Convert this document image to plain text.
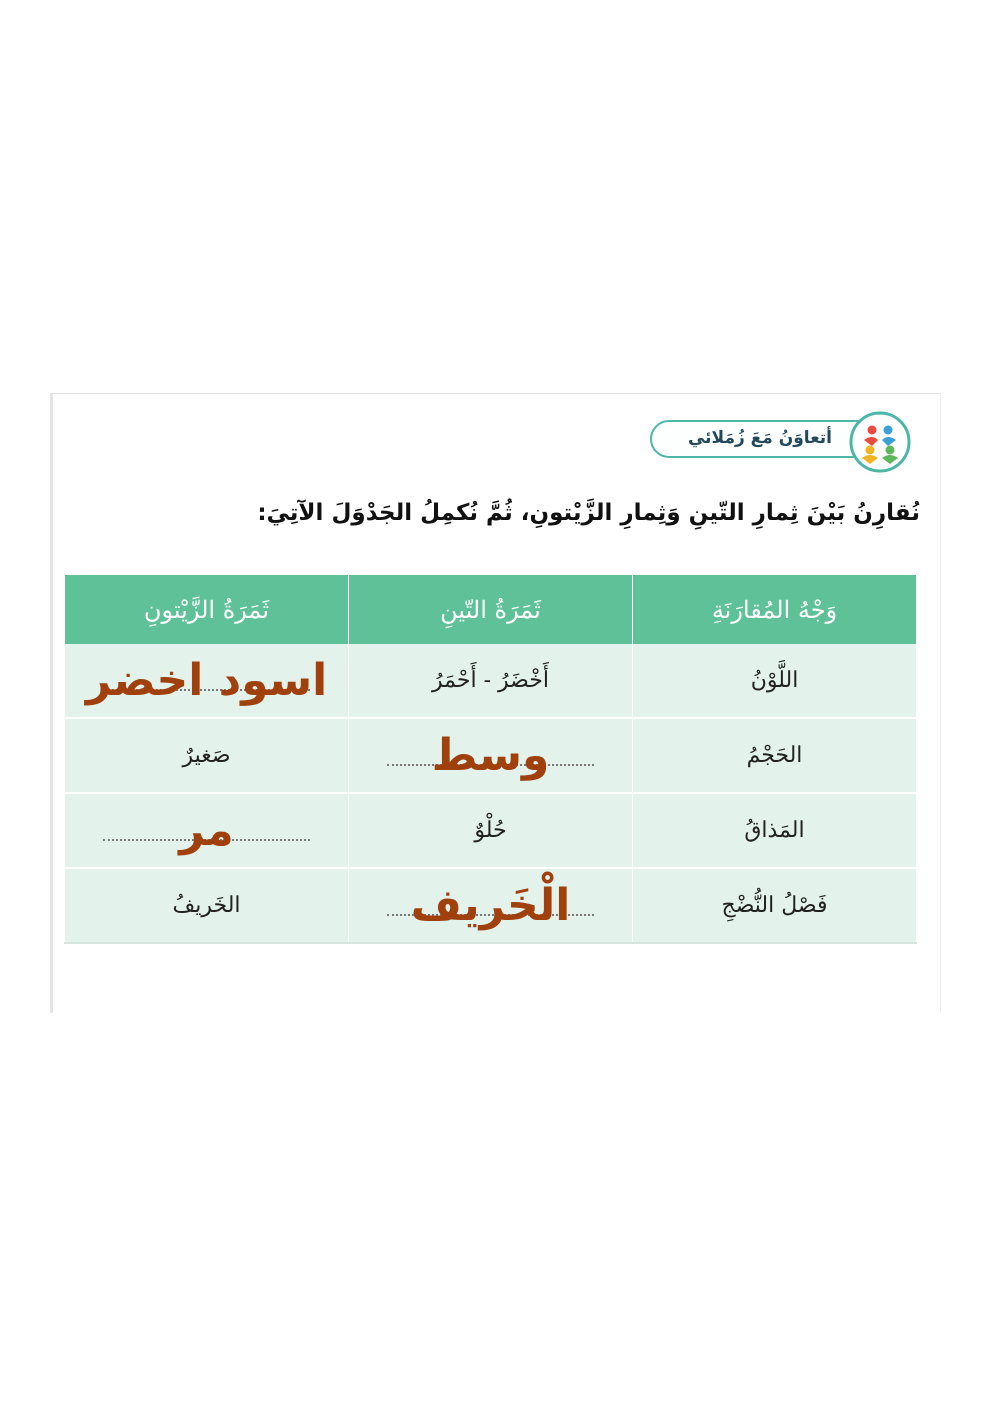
أتعاوَنُ مَعَ زُمَلائي
نُقارِنُ بَيْنَ ثِمارِ التّينِ وَثِمارِ الزَّيْتونِ، ثُمَّ نُكمِلُ الجَدْوَلَ الآتِيَ:
وَجْهُ المُقارَنَةِ	ثَمَرَةُ التّينِ	ثَمَرَةُ الزَّيْتونِ
اللَّوْنُ	أَخْضَرُ - أَحْمَرُ	اسود اخضر
الحَجْمُ	وسط	صَغيرٌ
المَذاقُ	حُلْوٌ	مر
فَصْلُ النُّضْجِ	الْخَريف	الخَريفُ
